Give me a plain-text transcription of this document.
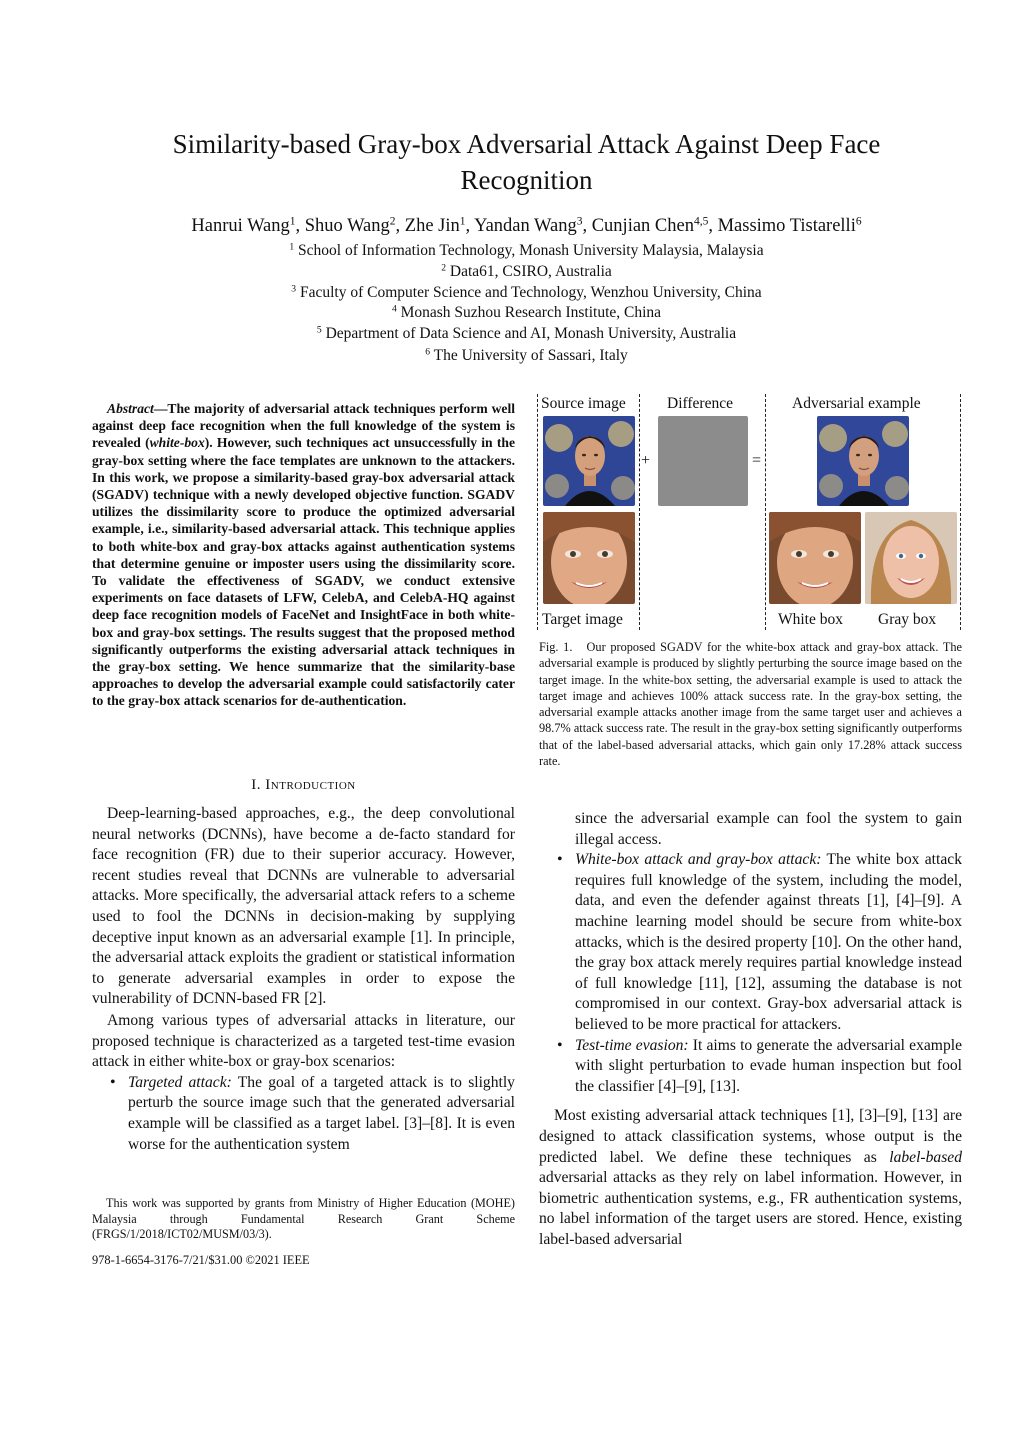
Similarity-based Gray-box Adversarial Attack Against Deep Face
Recognition
Hanrui Wang$^1$, Shuo Wang$^2$, Zhe Jin$^1$, Yandan Wang$^3$, Cunjian Chen$^{4,5}$, Massimo Tistarelli$^6$
$^1$ School of Information Technology, Monash University Malaysia, Malaysia
$^2$ Data61, CSIRO, Australia
$^3$ Faculty of Computer Science and Technology, Wenzhou University, China
$^4$ Monash Suzhou Research Institute, China
$^5$ Department of Data Science and AI, Monash University, Australia
$^6$ The University of Sassari, Italy
Abstract—The majority of adversarial attack techniques perform well against deep face recognition when the full knowledge of the system is revealed (white-box). However, such techniques act unsuccessfully in the gray-box setting where the face templates are unknown to the attackers. In this work, we propose a similarity-based gray-box adversarial attack (SGADV) technique with a newly developed objective function. SGADV utilizes the dissimilarity score to produce the optimized adversarial example, i.e., similarity-based adversarial attack. This technique applies to both white-box and gray-box attacks against authentication systems that determine genuine or imposter users using the dissimilarity score. To validate the effectiveness of SGADV, we conduct extensive experiments on face datasets of LFW, CelebA, and CelebA-HQ against deep face recognition models of FaceNet and InsightFace in both white-box and gray-box settings. The results suggest that the proposed method significantly outperforms the existing adversarial attack techniques in the gray-box setting. We hence summarize that the similarity-base approaches to develop the adversarial example could satisfactorily cater to the gray-box attack scenarios for de-authentication.
I. Introduction

Deep-learning-based approaches, e.g., the deep convolutional neural networks (DCNNs), have become a de-facto standard for face recognition (FR) due to their superior accuracy. However, recent studies reveal that DCNNs are vulnerable to adversarial attacks. More specifically, the adversarial attack refers to a scheme used to fool the DCNNs in decision-making by supplying deceptive input known as an adversarial example [1]. In principle, the adversarial attack exploits the gradient or statistical information to generate adversarial examples in order to expose the vulnerability of DCNN-based FR [2].

Among various types of adversarial attacks in literature, our proposed technique is characterized as a targeted test-time evasion attack in either white-box or gray-box scenarios:

• Targeted attack: The goal of a targeted attack is to slightly perturb the source image such that the generated adversarial example will be classified as a target label. [3]–[8]. It is even worse for the authentication system

This work was supported by grants from Ministry of Higher Education (MOHE) Malaysia through Fundamental Research Grant Scheme (FRGS/1/2018/ICT02/MUSM/03/3).

978-1-6654-3176-7/21/$31.00 ©2021 IEEE
since the adversarial example can fool the system to gain illegal access.
• White-box attack and gray-box attack: The white box attack requires full knowledge of the system, including the model, data, and even the defender against threats [1], [4]–[9]. A machine learning model should be secure from white-box attacks, which is the desired property [10]. On the other hand, the gray box attack merely requires partial knowledge instead of full knowledge [11], [12], assuming the database is not compromised in our context. Gray-box adversarial attack is believed to be more practical for attackers.
• Test-time evasion: It aims to generate the adversarial example with slight perturbation to evade human inspection but fool the classifier [4]–[9], [13].

Most existing adversarial attack techniques [1], [3]–[9], [13] are designed to attack classification systems, whose output is the predicted label. We define these techniques as label-based adversarial attacks as they rely on label information. However, in biometric authentication systems, e.g., FR authentication systems, no label information of the target users are stored. Hence, existing label-based adversarial

Source image	Difference	Adversarial example
+	=
Target image	White box Gray box
Fig. 1. Our proposed SGADV for the white-box attack and gray-box attack. The adversarial example is produced by slightly perturbing the source image based on the target image. In the white-box setting, the adversarial example is used to attack the target image and achieves 100% attack success rate. In the gray-box setting, the adversarial example attacks another image from the same target user and achieves a 98.7% attack success rate. The result in the gray-box setting significantly outperforms that of the label-based adversarial attacks, which gain only 17.28% attack success rate.
